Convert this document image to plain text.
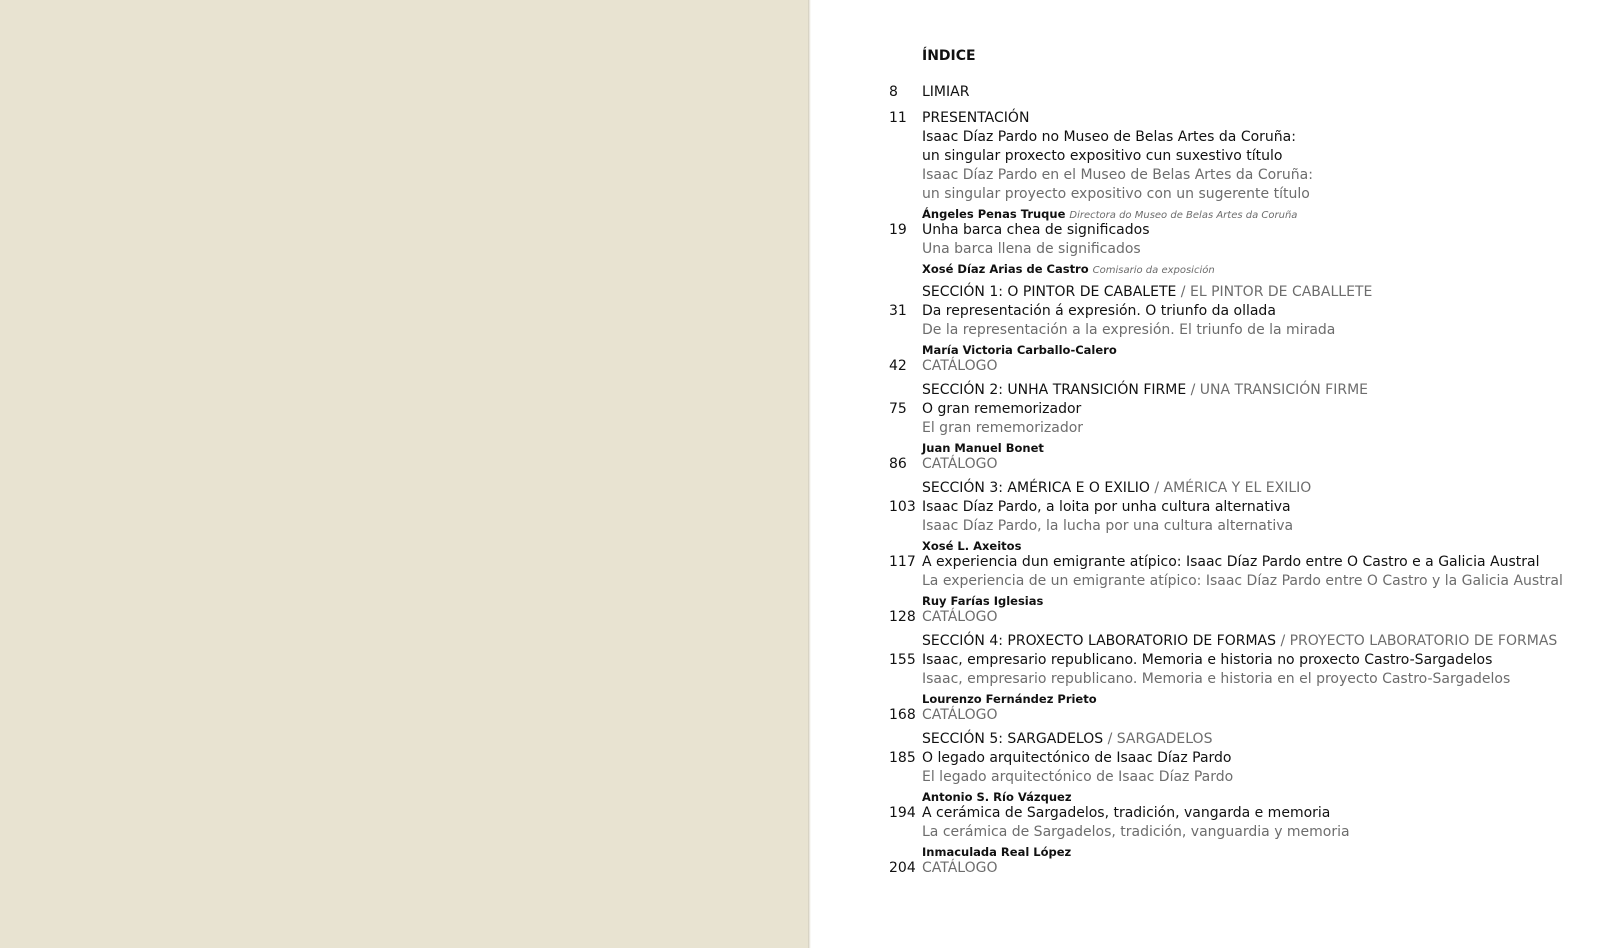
ÍNDICE
8	LIMIAR
11	PRESENTACIÓN
Isaac Díaz Pardo no Museo de Belas Artes da Coruña:
un singular proxecto expositivo cun suxestivo título
Isaac Díaz Pardo en el Museo de Belas Artes da Coruña:
un singular proyecto expositivo con un sugerente título
Ángeles Penas Truque Directora do Museo de Belas Artes da Coruña
19	Unha barca chea de significados
Una barca llena de significados
Xosé Díaz Arias de Castro Comisario da exposición
SECCIÓN 1: O PINTOR DE CABALETE / EL PINTOR DE CABALLETE
31	Da representación á expresión. O triunfo da ollada
De la representación a la expresión. El triunfo de la mirada
María Victoria Carballo-Calero
42	CATÁLOGO
SECCIÓN 2: UNHA TRANSICIÓN FIRME / UNA TRANSICIÓN FIRME
75	O gran rememorizador
El gran rememorizador
Juan Manuel Bonet
86	CATÁLOGO
SECCIÓN 3: AMÉRICA E O EXILIO / AMÉRICA Y EL EXILIO
103 Isaac Díaz Pardo, a loita por unha cultura alternativa
Isaac Díaz Pardo, la lucha por una cultura alternativa
Xosé L. Axeitos
117 A experiencia dun emigrante atípico: Isaac Díaz Pardo entre O Castro e a Galicia Austral
La experiencia de un emigrante atípico: Isaac Díaz Pardo entre O Castro y la Galicia Austral
Ruy Farías Iglesias
128 CATÁLOGO
SECCIÓN 4: PROXECTO LABORATORIO DE FORMAS / PROYECTO LABORATORIO DE FORMAS
155 Isaac, empresario republicano. Memoria e historia no proxecto Castro-Sargadelos
Isaac, empresario republicano. Memoria e historia en el proyecto Castro-Sargadelos
Lourenzo Fernández Prieto
168 CATÁLOGO
SECCIÓN 5: SARGADELOS / SARGADELOS
185 O legado arquitectónico de Isaac Díaz Pardo
El legado arquitectónico de Isaac Díaz Pardo
Antonio S. Río Vázquez
194 A cerámica de Sargadelos, tradición, vangarda e memoria
La cerámica de Sargadelos, tradición, vanguardia y memoria
Inmaculada Real López
204 CATÁLOGO
